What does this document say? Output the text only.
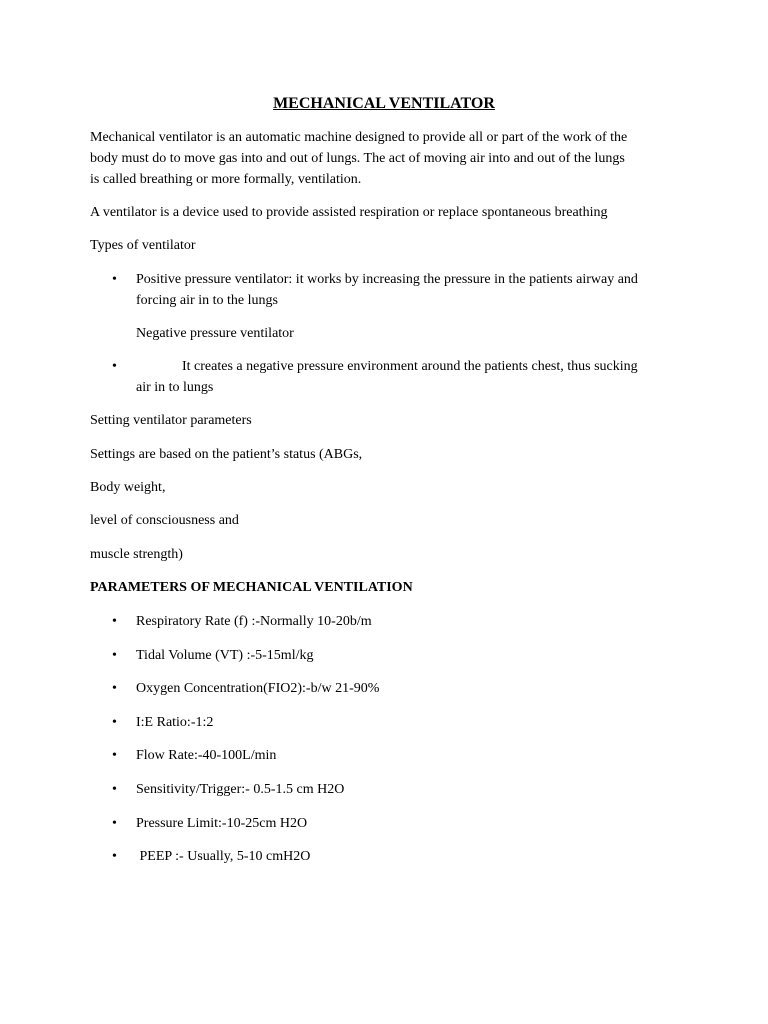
MECHANICAL VENTILATOR
Mechanical ventilator is an automatic machine designed to provide all or part of the work of the
body must do to move gas into and out of lungs. The act of moving air into and out of the lungs
is called breathing or more formally, ventilation.
A ventilator is a device used to provide assisted respiration or replace spontaneous breathing
Types of ventilator
• Positive pressure ventilator: it works by increasing the pressure in the patients airway and
forcing air in to the lungs
Negative pressure ventilator
•	It creates a negative pressure environment around the patients chest, thus sucking
air in to lungs
Setting ventilator parameters
Settings are based on the patient’s status (ABGs,
Body weight,
level of consciousness and
muscle strength)
PARAMETERS OF MECHANICAL VENTILATION
• Respiratory Rate (f) :-Normally 10-20b/m
• Tidal Volume (VT) :-5-15ml/kg
• Oxygen Concentration(FIO2):-b/w 21-90%
• I:E Ratio:-1:2
• Flow Rate:-40-100L/min
• Sensitivity/Trigger:- 0.5-1.5 cm H2O
• Pressure Limit:-10-25cm H2O
• PEEP :- Usually, 5-10 cmH2O
